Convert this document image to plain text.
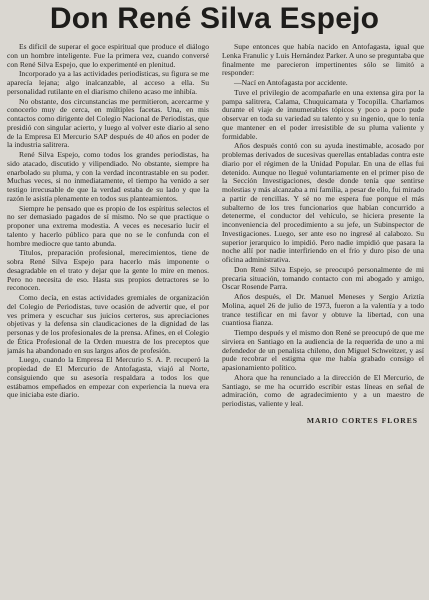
Don René Silva Espejo

Es difícil de superar el goce espiritual que produce el diálogo con un hombre inteligente. Fue la primera vez, cuando conversé con René Silva Espejo, que lo experimenté en plenitud.

Incorporado ya a las actividades periodísticas, su figura se me aparecía lejana; algo inalcanzable, al acceso a ella. Su personalidad rutilante en el diarismo chileno acaso me inhibía.

No obstante, dos circunstancias me permitieron, acercarme y conocerlo muy de cerca, en múltiples facetas. Una, en mis contactos como dirigente del Colegio Nacional de Periodistas, que presidió con singular acierto, y luego al volver este diario al seno de la Empresa El Mercurio SAP después de 40 años en poder de la industria salitrera.

René Silva Espejo, como todos los grandes periodistas, ha sido atacado, discutido y vilipendiado. No obstante, siempre ha enarbolado su pluma, y con la verdad incontrastable en su poder. Muchas veces, si no inmediatamente, el tiempo ha venido a ser testigo irrecusable de que la verdad estaba de su lado y que la razón le asistía plenamente en todos sus planteamientos.

Siempre he pensado que es propio de los espíritus selectos el no ser demasiado pagados de sí mismo. No se que practique o proponer una extrema modestia. A veces es necesario lucir el talento y hacerlo público para que no se le confunda con el hombre mediocre que tanto abunda.

Títulos, preparación profesional, merecimientos, tiene de sobra René Silva Espejo para hacerlo más imponente o desagradable en el trato y dejar que la gente lo mire en menos. Pero no necesita de eso. Hasta sus propios detractores se lo reconocen.

Como decía, en estas actividades gremiales de organización del Colegio de Periodistas, tuve ocasión de advertir que, el por ves primera y escuchar sus juicios certeros, sus apreciaciones objetivas y la defensa sin claudicaciones de la dignidad de las personas y de los profesionales de la prensa. Afines, en el Colegio de Ética Profesional de la Orden muestra de los preceptos que jamás ha abandonado en sus largos años de profesión.

Luego, cuando la Empresa El Mercurio S. A. P. recuperó la propiedad de El Mercurio de Antofagasta, viajó al Norte, consiguiendo que su asesoría respaldara a todos los que estábamos empeñados en empezar con experiencia la nueva era que iniciaba este diario.

Supe entonces que había nacido en Antofagasta, igual que Lenka Franulic y Luis Hernández Parker. A uno se preguntaba que finalmente me parecieron impertinentes sólo se limitó a responder:

—Nací en Antofagasta por accidente.

Tuve el privilegio de acompañarle en una extensa gira por la pampa salitrera, Calama, Chuquicamata y Tocopilla. Charlamos durante el viaje de innumerables tópicos y poco a poco pude observar en toda su variedad su talento y su ingenio, que lo tenía que mantener en el poder irresistible de su pluma valiente y formidable.

Años después contó con su ayuda inestimable, acosado por problemas derivados de sucesivas querellas entabladas contra este diario por el régimen de la Unidad Popular. En una de ellas fui detenido. Aunque no llegué voluntariamente en el primer piso de la Sección Investigaciones, desde donde tenía que sentirse molestias y más alcanzaba a mi familia, a pesar de ello, fui mirado a partir de rencillas. Y sé no me espera fue porque el más subalterno de los tres funcionarios que habían concurrido a detenerme, el conductor del vehículo, se hiciera presente la inconveniencia del procedimiento a su jefe, un Subinspector de Investigaciones. Luego, ser ante eso no ingresé al calabozo. Su superior jerarquico lo impidió. Pero nadie impidió que pasara la noche allí por nadie interfiriendo en el frío y duro piso de una oficina administrativa.

Don René Silva Espejo, se preocupó personalmente de mi precaria situación, tomando contacto con mi abogado y amigo, Oscar Rosende Parra.

Años después, el Dr. Manuel Meneses y Sergio Ariztía Molina, aquel 26 de julio de 1973, fueron a la valentía y a todo trance testificar en mi favor y obtuve la libertad, con una cuantiosa fianza.

Tiempo después y el mismo don René se preocupó de que me sirviera en Santiago en la audiencia de la requerida de uno a mi defendedor de un penalista chileno, don Miguel Schweitzer, y así pude recobrar el estigma que me había grabado consigo el apasionamiento político.

Ahora que ha renunciado a la dirección de El Mercurio, de Santiago, se me ha ocurrido escribir estas líneas en señal de admiración, como de agradecimiento y a un maestro de periodistas, valiente y leal.

MARIO CORTES FLORES
